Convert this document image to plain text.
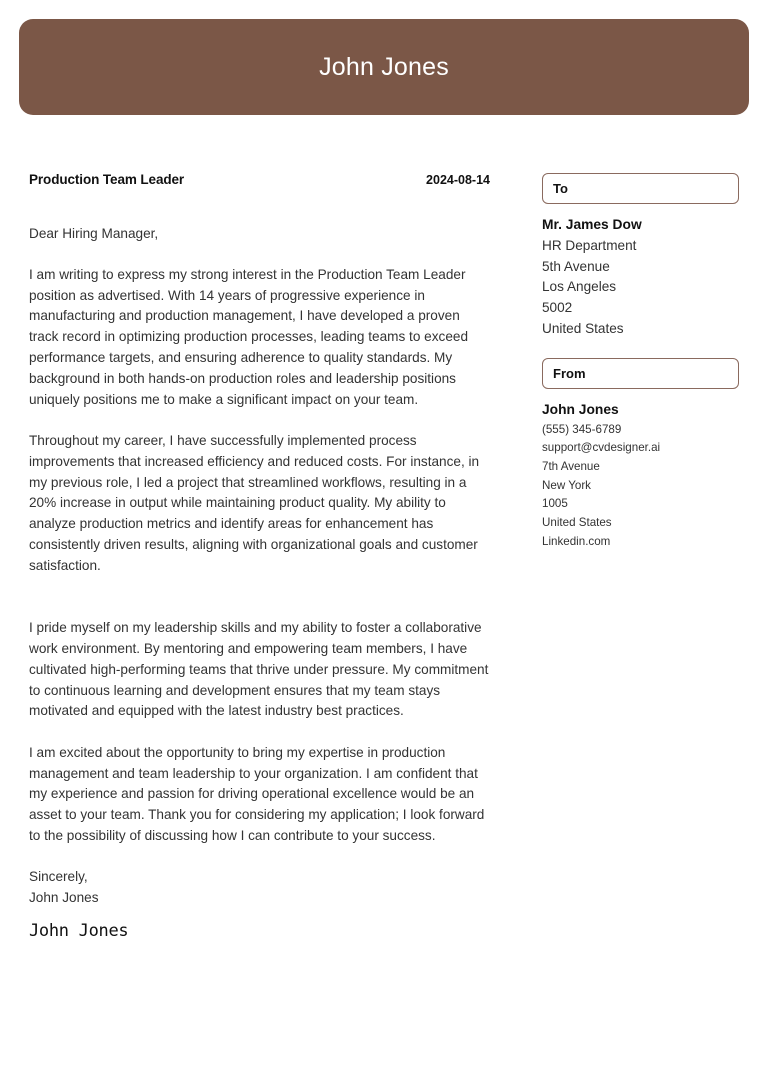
John Jones
Production Team Leader	2024-08-14
Dear Hiring Manager,

I am writing to express my strong interest in the Production Team Leader position as advertised. With 14 years of progressive experience in manufacturing and production management, I have developed a proven track record in optimizing production processes, leading teams to exceed performance targets, and ensuring adherence to quality standards. My background in both hands-on production roles and leadership positions uniquely positions me to make a significant impact on your team.

Throughout my career, I have successfully implemented process improvements that increased efficiency and reduced costs. For instance, in my previous role, I led a project that streamlined workflows, resulting in a 20% increase in output while maintaining product quality. My ability to analyze production metrics and identify areas for enhancement has consistently driven results, aligning with organizational goals and customer satisfaction.

I pride myself on my leadership skills and my ability to foster a collaborative work environment. By mentoring and empowering team members, I have cultivated high-performing teams that thrive under pressure. My commitment to continuous learning and development ensures that my team stays motivated and equipped with the latest industry best practices.

I am excited about the opportunity to bring my expertise in production management and team leadership to your organization. I am confident that my experience and passion for driving operational excellence would be an asset to your team. Thank you for considering my application; I look forward to the possibility of discussing how I can contribute to your success.

Sincerely,
John Jones
John Jones
To
Mr. James Dow
HR Department
5th Avenue
Los Angeles
5002
United States
From
John Jones
(555) 345-6789
support@cvdesigner.ai
7th Avenue
New York
1005
United States
Linkedin.com
